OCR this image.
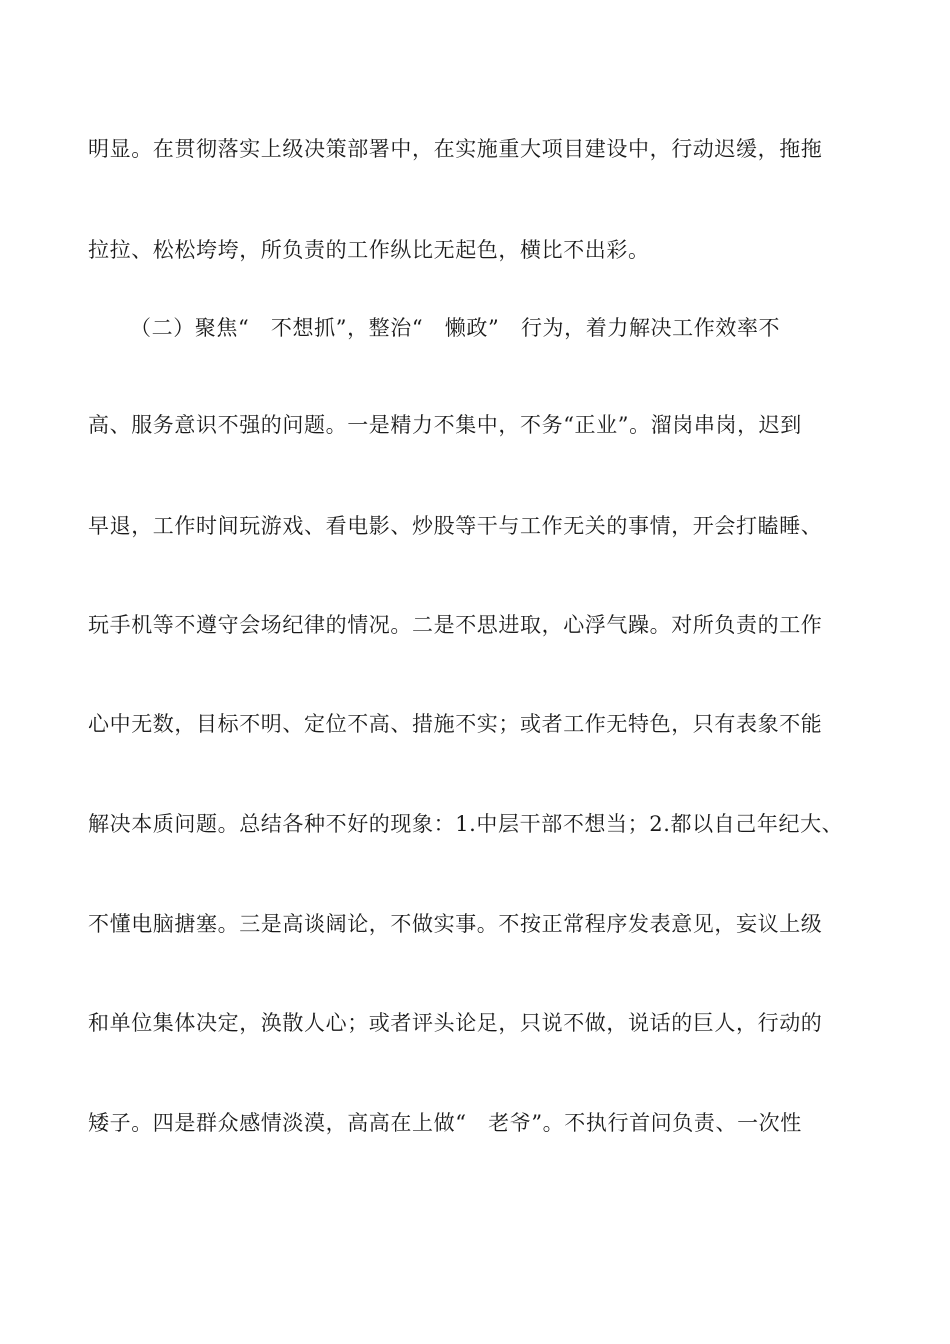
明显。在贯彻落实上级决策部署中，在实施重大项目建设中，行动迟缓，拖拖
拉拉、松松垮垮，所负责的工作纵比无起色，横比不出彩。
（二）聚焦“　不想抓”，整治“　懒政”　行为，着力解决工作效率不
高、服务意识不强的问题。一是精力不集中，不务“正业”。溜岗串岗，迟到
早退，工作时间玩游戏、看电影、炒股等干与工作无关的事情，开会打瞌睡、
玩手机等不遵守会场纪律的情况。二是不思进取，心浮气躁。对所负责的工作
心中无数，目标不明、定位不高、措施不实；或者工作无特色，只有表象不能
解决本质问题。总结各种不好的现象：1.中层干部不想当；2.都以自己年纪大、
不懂电脑搪塞。三是高谈阔论，不做实事。不按正常程序发表意见，妄议上级
和单位集体决定，涣散人心；或者评头论足，只说不做，说话的巨人，行动的
矮子。四是群众感情淡漠，高高在上做“　老爷”。不执行首问负责、一次性
